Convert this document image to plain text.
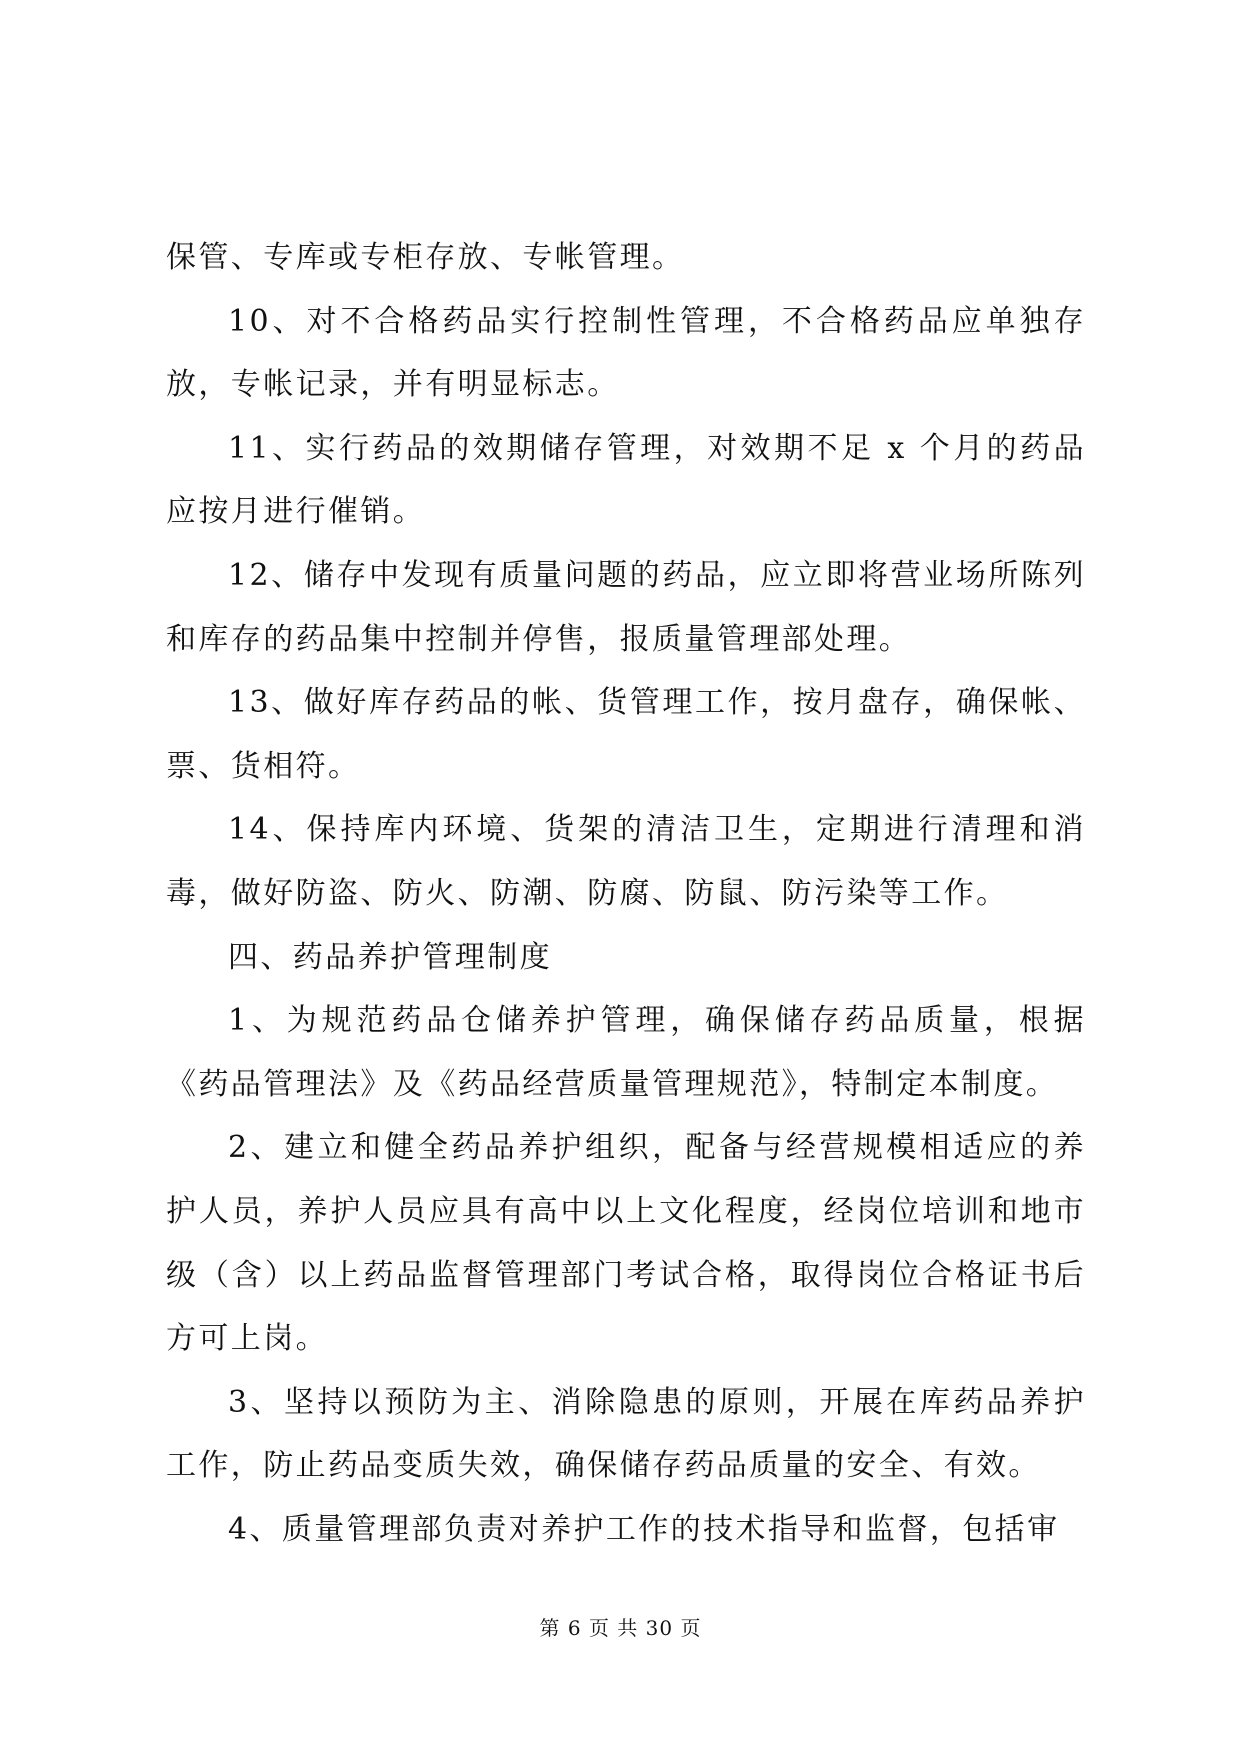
保管、专库或专柜存放、专帐管理。

10、对不合格药品实行控制性管理，不合格药品应单独存放，专帐记录，并有明显标志。

11、实行药品的效期储存管理，对效期不足 x 个月的药品应按月进行催销。

12、储存中发现有质量问题的药品，应立即将营业场所陈列和库存的药品集中控制并停售，报质量管理部处理。

13、做好库存药品的帐、货管理工作，按月盘存，确保帐、票、货相符。

14、保持库内环境、货架的清洁卫生，定期进行清理和消毒，做好防盗、防火、防潮、防腐、防鼠、防污染等工作。

四、药品养护管理制度

1、为规范药品仓储养护管理，确保储存药品质量，根据《药品管理法》及《药品经营质量管理规范》，特制定本制度。

2、建立和健全药品养护组织，配备与经营规模相适应的养护人员，养护人员应具有高中以上文化程度，经岗位培训和地市级（含）以上药品监督管理部门考试合格，取得岗位合格证书后方可上岗。

3、坚持以预防为主、消除隐患的原则，开展在库药品养护工作，防止药品变质失效，确保储存药品质量的安全、有效。

4、质量管理部负责对养护工作的技术指导和监督，包括审

第 6 页 共 30 页
